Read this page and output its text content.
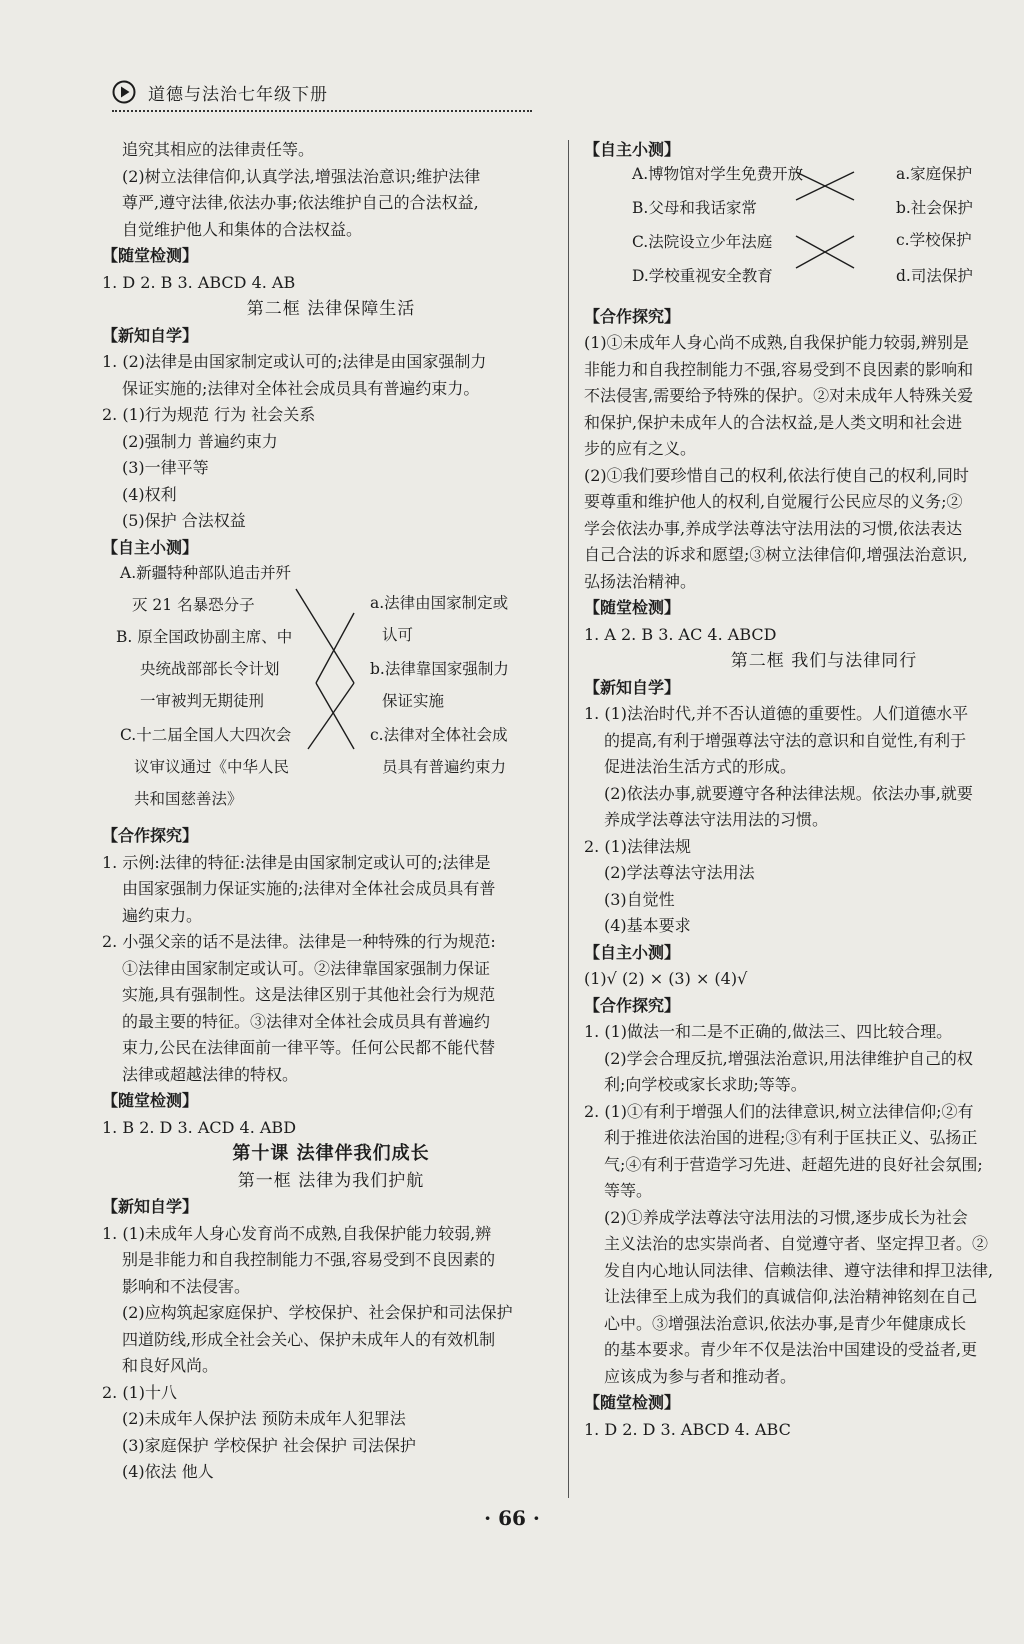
道德与法治七年级下册
追究其相应的法律责任等。
(2)树立法律信仰,认真学法,增强法治意识;维护法律
尊严,遵守法律,依法办事;依法维护自己的合法权益,
自觉维护他人和集体的合法权益。
【随堂检测】
1. D 2. B 3. ABCD 4. AB
第二框 法律保障生活
【新知自学】
1. (2)法律是由国家制定或认可的;法律是由国家强制力
保证实施的;法律对全体社会成员具有普遍约束力。
2. (1)行为规范 行为 社会关系
(2)强制力 普遍约束力
(3)一律平等
(4)权利
(5)保护 合法权益
【自主小测】
A.新疆特种部队追击并歼
灭 21 名暴恐分子
B. 原全国政协副主席、中
央统战部部长令计划
一审被判无期徒刑
C.十二届全国人大四次会
议审议通过《中华人民
共和国慈善法》
a.法律由国家制定或
认可
b.法律靠国家强制力
保证实施
c.法律对全体社会成
员具有普遍约束力
【合作探究】
1. 示例:法律的特征:法律是由国家制定或认可的;法律是
由国家强制力保证实施的;法律对全体社会成员具有普
遍约束力。
2. 小强父亲的话不是法律。法律是一种特殊的行为规范:
①法律由国家制定或认可。②法律靠国家强制力保证
实施,具有强制性。这是法律区别于其他社会行为规范
的最主要的特征。③法律对全体社会成员具有普遍约
束力,公民在法律面前一律平等。任何公民都不能代替
法律或超越法律的特权。
【随堂检测】
1. B 2. D 3. ACD 4. ABD
第十课 法律伴我们成长
第一框 法律为我们护航
【新知自学】
1. (1)未成年人身心发育尚不成熟,自我保护能力较弱,辨
别是非能力和自我控制能力不强,容易受到不良因素的
影响和不法侵害。
(2)应构筑起家庭保护、学校保护、社会保护和司法保护
四道防线,形成全社会关心、保护未成年人的有效机制
和良好风尚。
2. (1)十八
(2)未成年人保护法 预防未成年人犯罪法
(3)家庭保护 学校保护 社会保护 司法保护
(4)依法 他人
【自主小测】
A.博物馆对学生免费开放
B.父母和我话家常
C.法院设立少年法庭
D.学校重视安全教育
a.家庭保护
b.社会保护
c.学校保护
d.司法保护
【合作探究】
(1)①未成年人身心尚不成熟,自我保护能力较弱,辨别是
非能力和自我控制能力不强,容易受到不良因素的影响和
不法侵害,需要给予特殊的保护。②对未成年人特殊关爱
和保护,保护未成年人的合法权益,是人类文明和社会进
步的应有之义。
(2)①我们要珍惜自己的权利,依法行使自己的权利,同时
要尊重和维护他人的权利,自觉履行公民应尽的义务;②
学会依法办事,养成学法尊法守法用法的习惯,依法表达
自己合法的诉求和愿望;③树立法律信仰,增强法治意识,
弘扬法治精神。
【随堂检测】
1. A 2. B 3. AC 4. ABCD
第二框 我们与法律同行
【新知自学】
1. (1)法治时代,并不否认道德的重要性。人们道德水平
的提高,有利于增强尊法守法的意识和自觉性,有利于
促进法治生活方式的形成。
(2)依法办事,就要遵守各种法律法规。依法办事,就要
养成学法尊法守法用法的习惯。
2. (1)法律法规
(2)学法尊法守法用法
(3)自觉性
(4)基本要求
【自主小测】
(1)√ (2) × (3) × (4)√
【合作探究】
1. (1)做法一和二是不正确的,做法三、四比较合理。
(2)学会合理反抗,增强法治意识,用法律维护自己的权
利;向学校或家长求助;等等。
2. (1)①有利于增强人们的法律意识,树立法律信仰;②有
利于推进依法治国的进程;③有利于匡扶正义、弘扬正
气;④有利于营造学习先进、赶超先进的良好社会氛围;
等等。
(2)①养成学法尊法守法用法的习惯,逐步成长为社会
主义法治的忠实崇尚者、自觉遵守者、坚定捍卫者。②
发自内心地认同法律、信赖法律、遵守法律和捍卫法律,
让法律至上成为我们的真诚信仰,法治精神铭刻在自己
心中。③增强法治意识,依法办事,是青少年健康成长
的基本要求。青少年不仅是法治中国建设的受益者,更
应该成为参与者和推动者。
【随堂检测】
1. D 2. D 3. ABCD 4. ABC
· 66 ·
